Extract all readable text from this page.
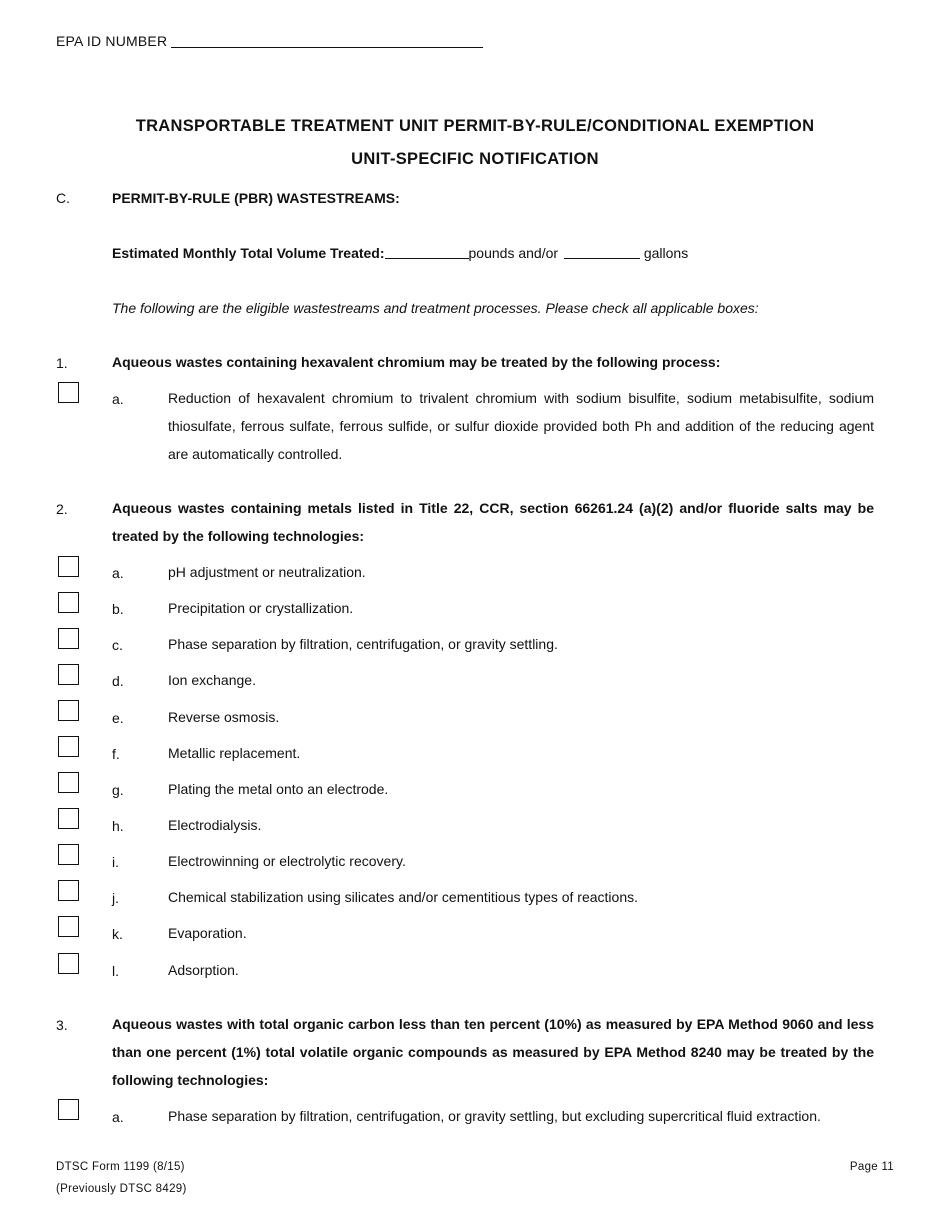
EPA ID NUMBER
TRANSPORTABLE TREATMENT UNIT PERMIT-BY-RULE/CONDITIONAL EXEMPTION
UNIT-SPECIFIC NOTIFICATION
C.	PERMIT-BY-RULE (PBR) WASTESTREAMS:
Estimated Monthly Total Volume Treated:	pounds and/or	gallons
The following are the eligible wastestreams and treatment processes. Please check all applicable boxes:
1.	Aqueous wastes containing hexavalent chromium may be treated by the following process:
a.	Reduction of hexavalent chromium to trivalent chromium with sodium bisulfite, sodium metabisulfite, sodium thiosulfate, ferrous sulfate, ferrous sulfide, or sulfur dioxide provided both Ph and addition of the reducing agent are automatically controlled.
2.	Aqueous wastes containing metals listed in Title 22, CCR, section 66261.24 (a)(2) and/or fluoride salts may be treated by the following technologies:
a.	pH adjustment or neutralization.
b.	Precipitation or crystallization.
c.	Phase separation by filtration, centrifugation, or gravity settling.
d.	Ion exchange.
e.	Reverse osmosis.
f.	Metallic replacement.
g.	Plating the metal onto an electrode.
h.	Electrodialysis.
i.	Electrowinning or electrolytic recovery.
j.	Chemical stabilization using silicates and/or cementitious types of reactions.
k.	Evaporation.
l.	Adsorption.
3.	Aqueous wastes with total organic carbon less than ten percent (10%) as measured by EPA Method 9060 and less than one percent (1%) total volatile organic compounds as measured by EPA Method 8240 may be treated by the following technologies:
a.	Phase separation by filtration, centrifugation, or gravity settling, but excluding supercritical fluid extraction.
DTSC Form 1199 (8/15)
(Previously DTSC 8429)
Page 11
